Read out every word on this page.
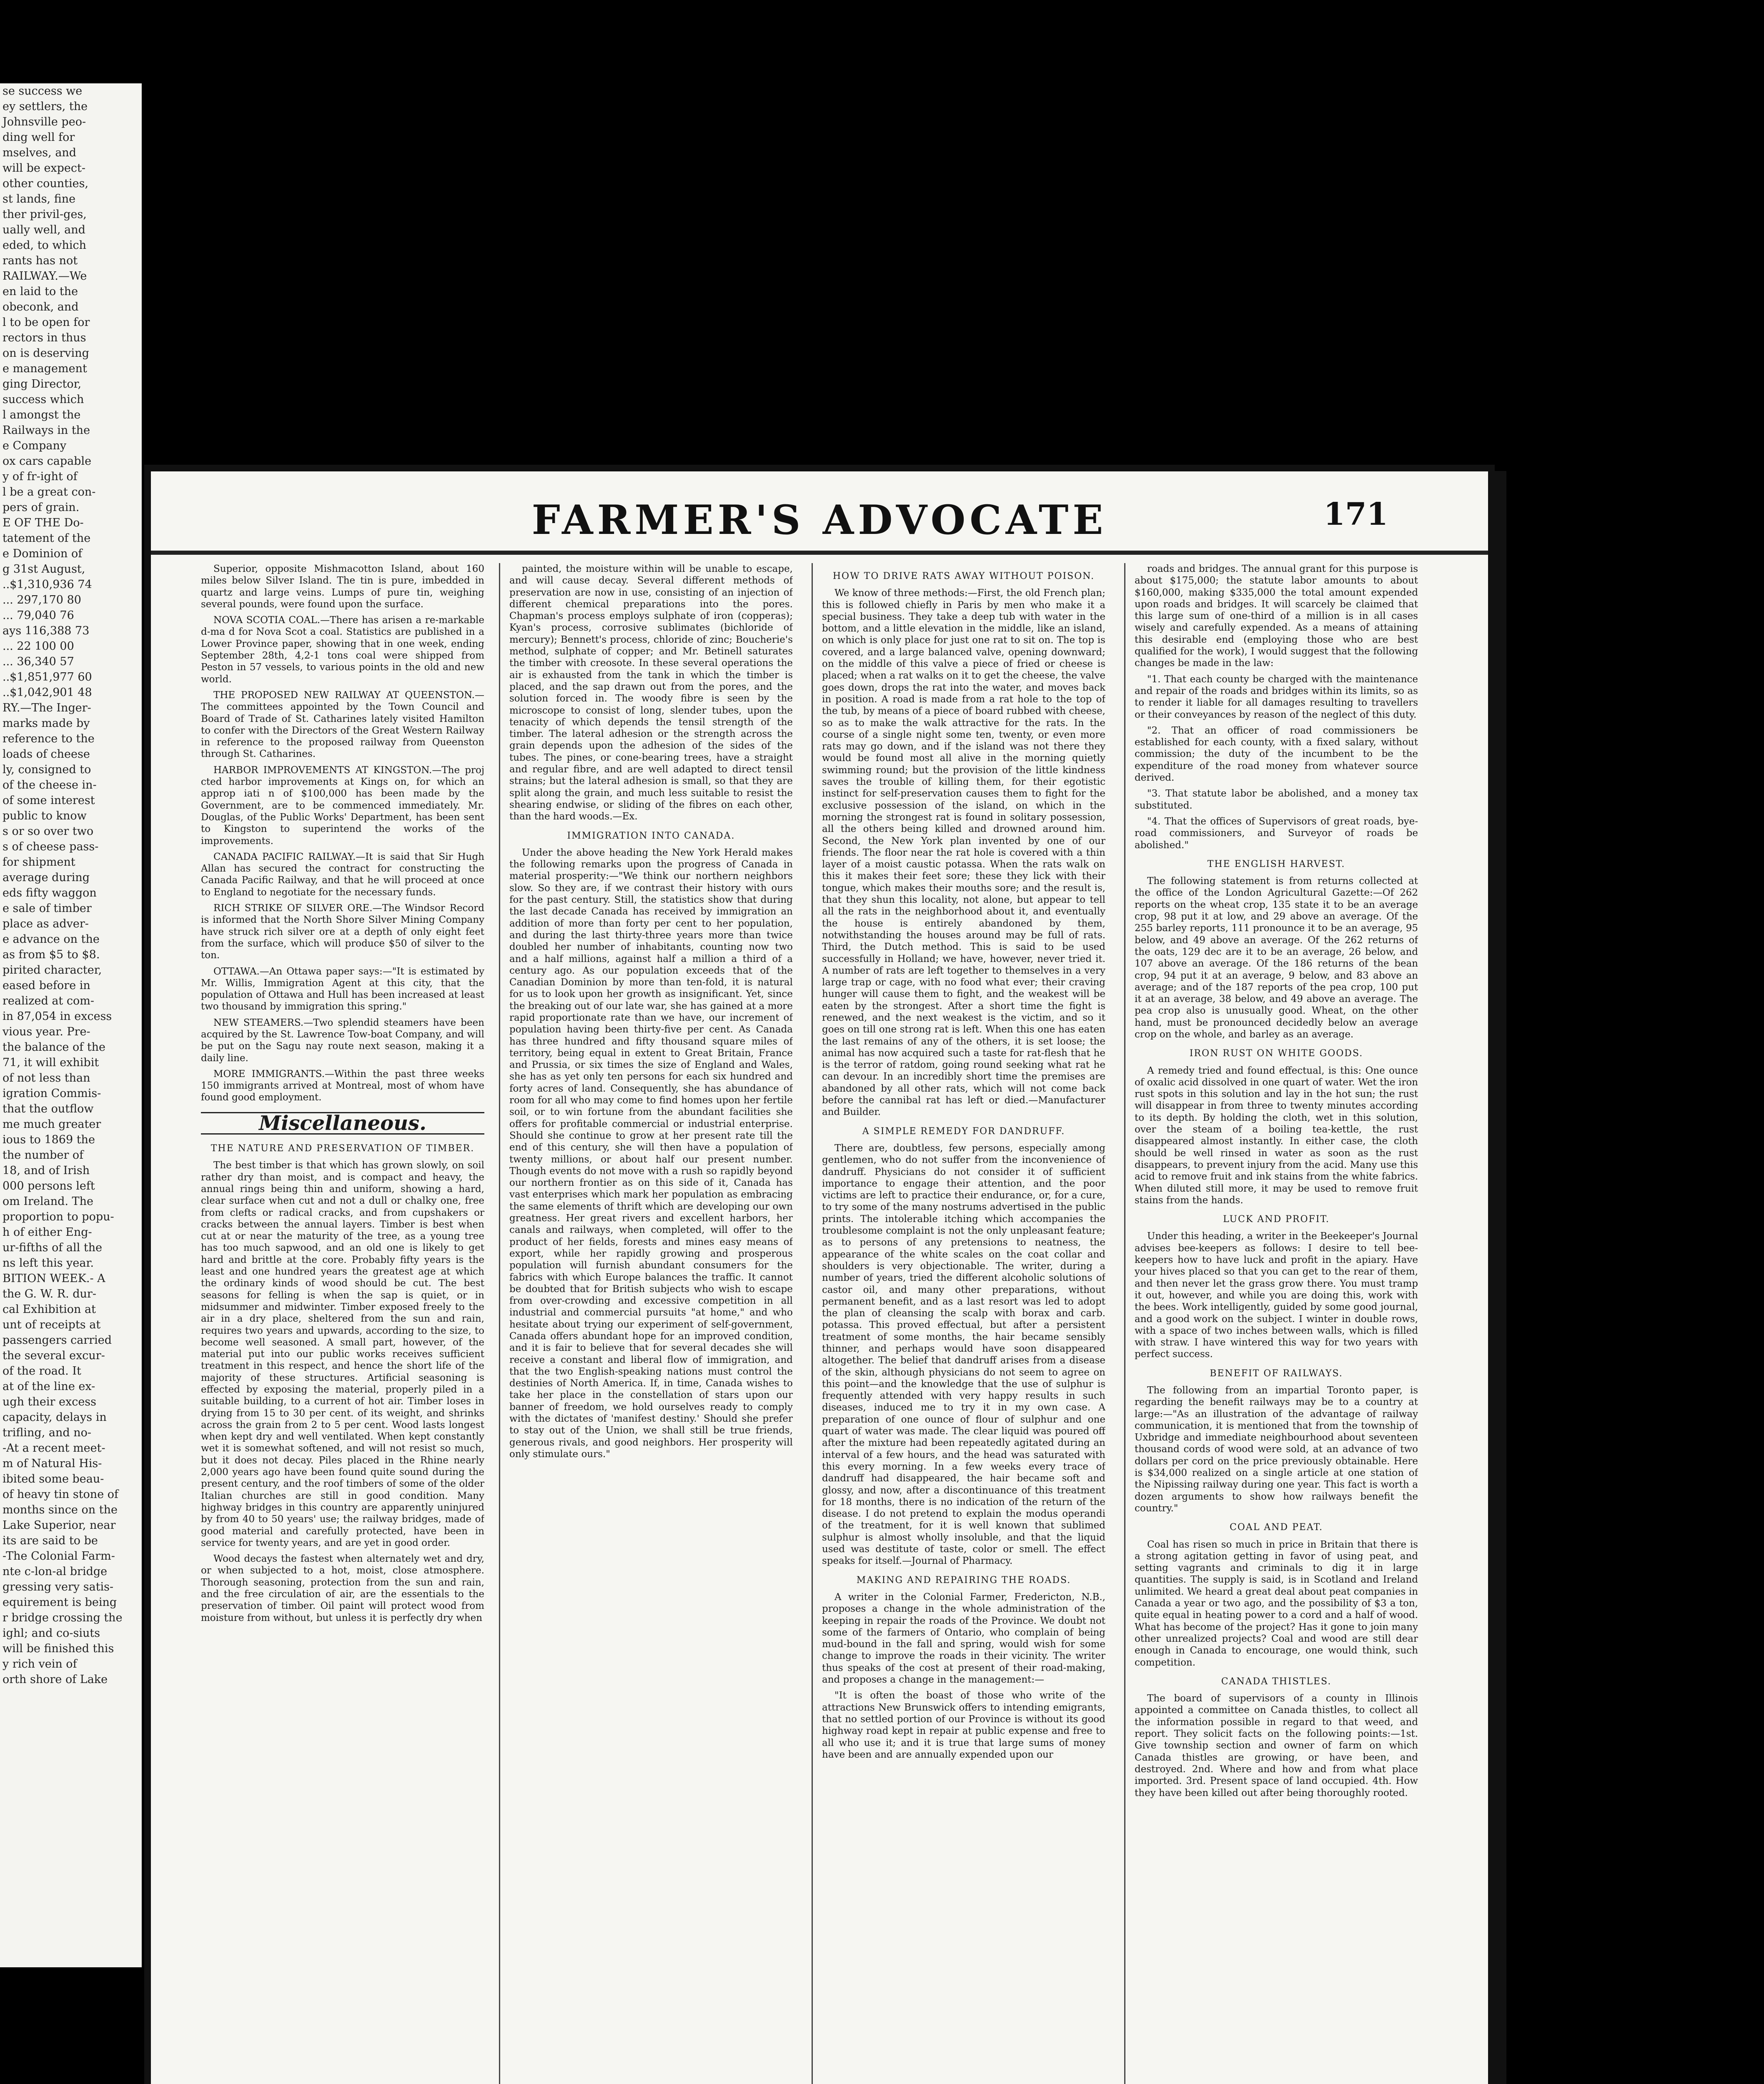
se success we
ey settlers, the
Johnsville peo-
ding well for
mselves, and
will be expect-
other counties,
st lands, fine
ther privil-ges,
ually well, and
eded, to which
rants has not
RAILWAY.—We
en laid to the
obeconk, and
l to be open for
rectors in thus
on is deserving
e management
ging Director,
success which
l amongst the
Railways in the
e Company
ox cars capable
y of fr-ight of
l be a great con-
pers of grain.
E OF THE Do-
tatement of the
e Dominion of
g 31st August,
..$1,310,936 74
... 297,170 80
... 79,040 76
ays 116,388 73
... 22 100 00
... 36,340 57
..$1,851,977 60
..$1,042,901 48
RY.—The Inger-
marks made by
reference to the
loads of cheese
ly, consigned to
of the cheese in-
of some interest
public to know
s or so over two
s of cheese pass-
for shipment
average during
eds fifty waggon
e sale of timber
place as adver-
e advance on the
as from $5 to $8.
pirited character,
eased before in
realized at com-
in 87,054 in excess
vious year. Pre-
the balance of the
71, it will exhibit
of not less than
igration Commis-
that the outflow
me much greater
ious to 1869 the
the number of
18, and of Irish
000 persons left
om Ireland. The
proportion to popu-
h of either Eng-
ur-fifths of all the
ns left this year.
BITION WEEK.- A
the G. W. R. dur-
cal Exhibition at
unt of receipts at
passengers carried
the several excur-
of the road. It
at of the line ex-
ugh their excess
capacity, delays in
trifling, and no-
-At a recent meet-
m of Natural His-
ibited some beau-
of heavy tin stone of
months since on the
Lake Superior, near
its are said to be
-The Colonial Farm-
nte c-lon-al bridge
gressing very satis-
equirement is being
r bridge crossing the
ighl; and co-siuts
will be finished this
y rich vein of
orth shore of Lake
FARMER'S ADVOCATE	171

Superior, opposite Mishmacotton Island, about 160 miles below Silver Island. The tin is pure, imbedded in quartz and large veins. Lumps of pure tin, weighing several pounds, were found upon the surface.

NOVA SCOTIA COAL.—There has arisen a re-markable d-ma d for Nova Scot a coal. Statistics are published in a Lower Province paper, showing that in one week, ending September 28th, 4,2-1 tons coal were shipped from Peston in 57 vessels, to various points in the old and new world.

THE PROPOSED NEW RAILWAY AT QUEENSTON.—The committees appointed by the Town Council and Board of Trade of St. Catharines lately visited Hamilton to confer with the Directors of the Great Western Railway in reference to the proposed railway from Queenston through St. Catharines.

HARBOR IMPROVEMENTS AT KINGSTON.—The proj cted harbor improvements at Kings on, for which an approp iati n of $100,000 has been made by the Government, are to be commenced immediately. Mr. Douglas, of the Public Works' Department, has been sent to Kingston to superintend the works of the improvements.

CANADA PACIFIC RAILWAY.—It is said that Sir Hugh Allan has secured the contract for constructing the Canada Pacific Railway, and that he will proceed at once to England to negotiate for the necessary funds.

RICH STRIKE OF SILVER ORE.—The Windsor Record is informed that the North Shore Silver Mining Company have struck rich silver ore at a depth of only eight feet from the surface, which will produce $50 of silver to the ton.

OTTAWA.—An Ottawa paper says:—"It is estimated by Mr. Willis, Immigration Agent at this city, that the population of Ottawa and Hull has been increased at least two thousand by immigration this spring."

NEW STEAMERS.—Two splendid steamers have been acquired by the St. Lawrence Tow-boat Company, and will be put on the Sagu nay route next season, making it a daily line.

MORE IMMIGRANTS.—Within the past three weeks 150 immigrants arrived at Montreal, most of whom have found good employment.

Miscellaneous.
THE NATURE AND PRESERVATION OF TIMBER.

The best timber is that which has grown slowly, on soil rather dry than moist, and is compact and heavy, the annual rings being thin and uniform, showing a hard, clear surface when cut and not a dull or chalky one, free from clefts or radical cracks, and from cupshakers or cracks between the annual layers. Timber is best when cut at or near the maturity of the tree, as a young tree has too much sapwood, and an old one is likely to get hard and brittle at the core. Probably fifty years is the least and one hundred years the greatest age at which the ordinary kinds of wood should be cut. The best seasons for felling is when the sap is quiet, or in midsummer and midwinter. Timber exposed freely to the air in a dry place, sheltered from the sun and rain, requires two years and upwards, according to the size, to become well seasoned. A small part, however, of the material put into our public works receives sufficient treatment in this respect, and hence the short life of the majority of these structures. Artificial seasoning is effected by exposing the material, properly piled in a suitable building, to a current of hot air. Timber loses in drying from 15 to 30 per cent. of its weight, and shrinks across the grain from 2 to 5 per cent. Wood lasts longest when kept dry and well ventilated. When kept constantly wet it is somewhat softened, and will not resist so much, but it does not decay. Piles placed in the Rhine nearly 2,000 years ago have been found quite sound during the present century, and the roof timbers of some of the older Italian churches are still in good condition. Many highway bridges in this country are apparently uninjured by from 40 to 50 years' use; the railway bridges, made of good material and carefully protected, have been in service for twenty years, and are yet in good order.

Wood decays the fastest when alternately wet and dry, or when subjected to a hot, moist, close atmosphere. Thorough seasoning, protection from the sun and rain, and the free circulation of air, are the essentials to the preservation of timber. Oil paint will protect wood from moisture from without, but unless it is perfectly dry when

painted, the moisture within will be unable to escape, and will cause decay. Several different methods of preservation are now in use, consisting of an injection of different chemical preparations into the pores. Chapman's process employs sulphate of iron (copperas); Kyan's process, corrosive sublimates (bichloride of mercury); Bennett's process, chloride of zinc; Boucherie's method, sulphate of copper; and Mr. Betinell saturates the timber with creosote. In these several operations the air is exhausted from the tank in which the timber is placed, and the sap drawn out from the pores, and the solution forced in. The woody fibre is seen by the microscope to consist of long, slender tubes, upon the tenacity of which depends the tensil strength of the timber. The lateral adhesion or the strength across the grain depends upon the adhesion of the sides of the tubes. The pines, or cone-bearing trees, have a straight and regular fibre, and are well adapted to direct tensil strains; but the lateral adhesion is small, so that they are split along the grain, and much less suitable to resist the shearing endwise, or sliding of the fibres on each other, than the hard woods.—Ex.

IMMIGRATION INTO CANADA.

Under the above heading the New York Herald makes the following remarks upon the progress of Canada in material prosperity:—"We think our northern neighbors slow. So they are, if we contrast their history with ours for the past century. Still, the statistics show that during the last decade Canada has received by immigration an addition of more than forty per cent to her population, and during the last thirty-three years more than twice doubled her number of inhabitants, counting now two and a half millions, against half a million a third of a century ago. As our population exceeds that of the Canadian Dominion by more than ten-fold, it is natural for us to look upon her growth as insignificant. Yet, since the breaking out of our late war, she has gained at a more rapid proportionate rate than we have, our increment of population having been thirty-five per cent. As Canada has three hundred and fifty thousand square miles of territory, being equal in extent to Great Britain, France and Prussia, or six times the size of England and Wales, she has as yet only ten persons for each six hundred and forty acres of land. Consequently, she has abundance of room for all who may come to find homes upon her fertile soil, or to win fortune from the abundant facilities she offers for profitable commercial or industrial enterprise. Should she continue to grow at her present rate till the end of this century, she will then have a population of twenty millions, or about half our present number. Though events do not move with a rush so rapidly beyond our northern frontier as on this side of it, Canada has vast enterprises which mark her population as embracing the same elements of thrift which are developing our own greatness. Her great rivers and excellent harbors, her canals and railways, when completed, will offer to the product of her fields, forests and mines easy means of export, while her rapidly growing and prosperous population will furnish abundant consumers for the fabrics with which Europe balances the traffic. It cannot be doubted that for British subjects who wish to escape from over-crowding and excessive competition in all industrial and commercial pursuits "at home," and who hesitate about trying our experiment of self-government, Canada offers abundant hope for an improved condition, and it is fair to believe that for several decades she will receive a constant and liberal flow of immigration, and that the two English-speaking nations must control the destinies of North America. If, in time, Canada wishes to take her place in the constellation of stars upon our banner of freedom, we hold ourselves ready to comply with the dictates of 'manifest destiny.' Should she prefer to stay out of the Union, we shall still be true friends, generous rivals, and good neighbors. Her prosperity will only stimulate ours."

HOW TO DRIVE RATS AWAY WITHOUT POISON.

We know of three methods:—First, the old French plan; this is followed chiefly in Paris by men who make it a special business. They take a deep tub with water in the bottom, and a little elevation in the middle, like an island, on which is only place for just one rat to sit on. The top is covered, and a large balanced valve, opening downward; on the middle of this valve a piece of fried or cheese is placed; when a rat walks on it to get the cheese, the valve goes down, drops the rat into the water, and moves back in position. A road is made from a rat hole to the top of the tub, by means of a piece of board rubbed with cheese, so as to make the walk attractive for the rats. In the course of a single night some ten, twenty, or even more rats may go down, and if the island was not there they would be found most all alive in the morning quietly swimming round; but the provision of the little kindness saves the trouble of killing them, for their egotistic instinct for self-preservation causes them to fight for the exclusive possession of the island, on which in the morning the strongest rat is found in solitary possession, all the others being killed and drowned around him. Second, the New York plan invented by one of our friends. The floor near the rat hole is covered with a thin layer of a moist caustic potassa. When the rats walk on this it makes their feet sore; these they lick with their tongue, which makes their mouths sore; and the result is, that they shun this locality, not alone, but appear to tell all the rats in the neighborhood about it, and eventually the house is entirely abandoned by them, notwithstanding the houses around may be full of rats. Third, the Dutch method. This is said to be used successfully in Holland; we have, however, never tried it. A number of rats are left together to themselves in a very large trap or cage, with no food what ever; their craving hunger will cause them to fight, and the weakest will be eaten by the strongest. After a short time the fight is renewed, and the next weakest is the victim, and so it goes on till one strong rat is left. When this one has eaten the last remains of any of the others, it is set loose; the animal has now acquired such a taste for rat-flesh that he is the terror of ratdom, going round seeking what rat he can devour. In an incredibly short time the premises are abandoned by all other rats, which will not come back before the cannibal rat has left or died.—Manufacturer and Builder.

A SIMPLE REMEDY FOR DANDRUFF.

There are, doubtless, few persons, especially among gentlemen, who do not suffer from the inconvenience of dandruff. Physicians do not consider it of sufficient importance to engage their attention, and the poor victims are left to practice their endurance, or, for a cure, to try some of the many nostrums advertised in the public prints. The intolerable itching which accompanies the troublesome complaint is not the only unpleasant feature; as to persons of any pretensions to neatness, the appearance of the white scales on the coat collar and shoulders is very objectionable. The writer, during a number of years, tried the different alcoholic solutions of castor oil, and many other preparations, without permanent benefit, and as a last resort was led to adopt the plan of cleansing the scalp with borax and carb. potassa. This proved effectual, but after a persistent treatment of some months, the hair became sensibly thinner, and perhaps would have soon disappeared altogether. The belief that dandruff arises from a disease of the skin, although physicians do not seem to agree on this point—and the knowledge that the use of sulphur is frequently attended with very happy results in such diseases, induced me to try it in my own case. A preparation of one ounce of flour of sulphur and one quart of water was made. The clear liquid was poured off after the mixture had been repeatedly agitated during an interval of a few hours, and the head was saturated with this every morning. In a few weeks every trace of dandruff had disappeared, the hair became soft and glossy, and now, after a discontinuance of this treatment for 18 months, there is no indication of the return of the disease. I do not pretend to explain the modus operandi of the treatment, for it is well known that sublimed sulphur is almost wholly insoluble, and that the liquid used was destitute of taste, color or smell. The effect speaks for itself.—Journal of Pharmacy.

MAKING AND REPAIRING THE ROADS.

A writer in the Colonial Farmer, Fredericton, N.B., proposes a change in the whole administration of the keeping in repair the roads of the Province. We doubt not some of the farmers of Ontario, who complain of being mud-bound in the fall and spring, would wish for some change to improve the roads in their vicinity. The writer thus speaks of the cost at present of their road-making, and proposes a change in the management:—

"It is often the boast of those who write of the attractions New Brunswick offers to intending emigrants, that no settled portion of our Province is without its good highway road kept in repair at public expense and free to all who use it; and it is true that large sums of money have been and are annually expended upon our

roads and bridges. The annual grant for this purpose is about $175,000; the statute labor amounts to about $160,000, making $335,000 the total amount expended upon roads and bridges. It will scarcely be claimed that this large sum of one-third of a million is in all cases wisely and carefully expended. As a means of attaining this desirable end (employing those who are best qualified for the work), I would suggest that the following changes be made in the law:

"1. That each county be charged with the maintenance and repair of the roads and bridges within its limits, so as to render it liable for all damages resulting to travellers or their conveyances by reason of the neglect of this duty.

"2. That an officer of road commissioners be established for each county, with a fixed salary, without commission; the duty of the incumbent to be the expenditure of the road money from whatever source derived.

"3. That statute labor be abolished, and a money tax substituted.

"4. That the offices of Supervisors of great roads, bye-road commissioners, and Surveyor of roads be abolished."

THE ENGLISH HARVEST.

The following statement is from returns collected at the office of the London Agricultural Gazette:—Of 262 reports on the wheat crop, 135 state it to be an average crop, 98 put it at low, and 29 above an average. Of the 255 barley reports, 111 pronounce it to be an average, 95 below, and 49 above an average. Of the 262 returns of the oats, 129 dec are it to be an average, 26 below, and 107 above an average. Of the 186 returns of the bean crop, 94 put it at an average, 9 below, and 83 above an average; and of the 187 reports of the pea crop, 100 put it at an average, 38 below, and 49 above an average. The pea crop also is unusually good. Wheat, on the other hand, must be pronounced decidedly below an average crop on the whole, and barley as an average.

IRON RUST ON WHITE GOODS.

A remedy tried and found effectual, is this: One ounce of oxalic acid dissolved in one quart of water. Wet the iron rust spots in this solution and lay in the hot sun; the rust will disappear in from three to twenty minutes according to its depth. By holding the cloth, wet in this solution, over the steam of a boiling tea-kettle, the rust disappeared almost instantly. In either case, the cloth should be well rinsed in water as soon as the rust disappears, to prevent injury from the acid. Many use this acid to remove fruit and ink stains from the white fabrics. When diluted still more, it may be used to remove fruit stains from the hands.

LUCK AND PROFIT.

Under this heading, a writer in the Beekeeper's Journal advises bee-keepers as follows: I desire to tell bee-keepers how to have luck and profit in the apiary. Have your hives placed so that you can get to the rear of them, and then never let the grass grow there. You must tramp it out, however, and while you are doing this, work with the bees. Work intelligently, guided by some good journal, and a good work on the subject. I winter in double rows, with a space of two inches between walls, which is filled with straw. I have wintered this way for two years with perfect success.

BENEFIT OF RAILWAYS.

The following from an impartial Toronto paper, is regarding the benefit railways may be to a country at large:—"As an illustration of the advantage of railway communication, it is mentioned that from the township of Uxbridge and immediate neighbourhood about seventeen thousand cords of wood were sold, at an advance of two dollars per cord on the price previously obtainable. Here is $34,000 realized on a single article at one station of the Nipissing railway during one year. This fact is worth a dozen arguments to show how railways benefit the country."

COAL AND PEAT.

Coal has risen so much in price in Britain that there is a strong agitation getting in favor of using peat, and setting vagrants and criminals to dig it in large quantities. The supply is said, is in Scotland and Ireland unlimited. We heard a great deal about peat companies in Canada a year or two ago, and the possibility of $3 a ton, quite equal in heating power to a cord and a half of wood. What has become of the project? Has it gone to join many other unrealized projects? Coal and wood are still dear enough in Canada to encourage, one would think, such competition.

CANADA THISTLES.

The board of supervisors of a county in Illinois appointed a committee on Canada thistles, to collect all the information possible in regard to that weed, and report. They solicit facts on the following points:—1st. Give township section and owner of farm on which Canada thistles are growing, or have been, and destroyed. 2nd. Where and how and from what place imported. 3rd. Present space of land occupied. 4th. How they have been killed out after being thoroughly rooted.
